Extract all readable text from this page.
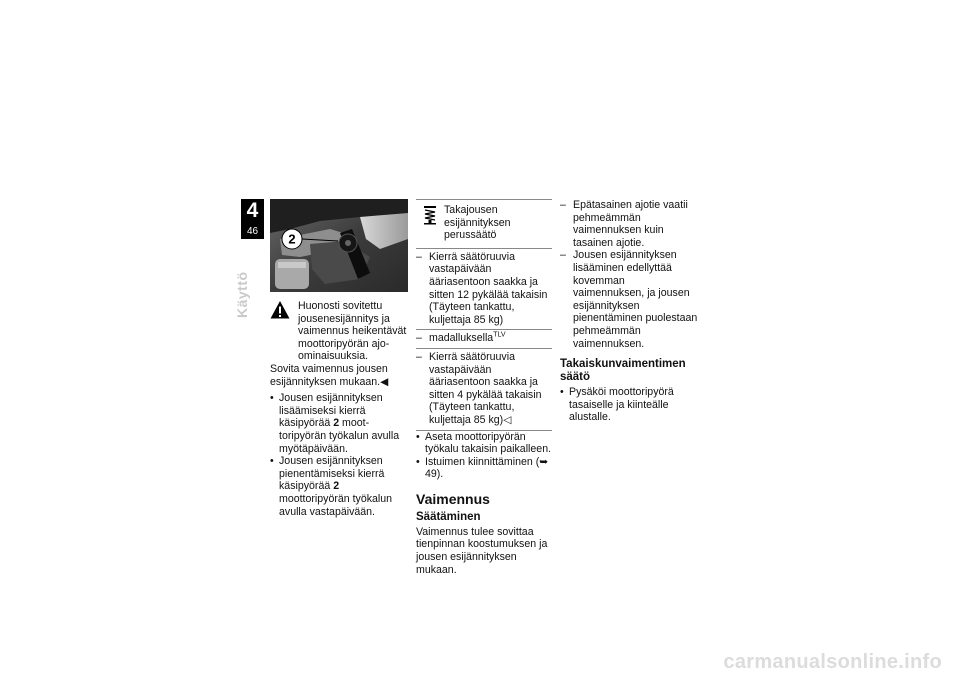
4
46
Käyttö
2

Huonosti sovitettu jousenesijännitys ja vaimennus heikentävät moottoripyörän ajoominaisuuksia.

Sovita vaimennus jousen esijännityksen mukaan.◀

• Jousen esijännityksen lisäämiseksi kierrä käsipyörää 2 moottoripyörän työkalun avulla myötäpäivään.

• Jousen esijännityksen pienentämiseksi kierrä käsipyörää 2 moottoripyörän työkalun avulla vastapäivään.

Takajousen esijännityksen perussäätö

– Kierrä säätöruuvia vastapäivään ääriasentoon saakka ja sitten 12 pykälää takaisin (Täyteen tankattu, kuljettaja 85 kg)

– madalluksella$^{TLV}$

– Kierrä säätöruuvia vastapäivään ääriasentoon saakka ja sitten 4 pykälää takaisin (Täyteen tankattu, kuljettaja 85 kg)◁

• Aseta moottoripyörän työkalu takaisin paikalleen.

• Istuimen kiinnittäminen (➥ 49).

Vaimennus
Säätäminen

Vaimennus tulee sovittaa tienpinnan koostumuksen ja jousen esijännityksen mukaan.

– Epätasainen ajotie vaatii pehmeämmän vaimennuksen kuin tasainen ajotie.

– Jousen esijännityksen lisääminen edellyttää kovemman vaimennuksen, ja jousen esijännityksen pienentäminen puolestaan pehmeämmän vaimennuksen.

Takaiskunvaimentimen säätö

• Pysäköi moottoripyörä tasaiselle ja kiinteälle alustalle.

carmanualsonline.info
